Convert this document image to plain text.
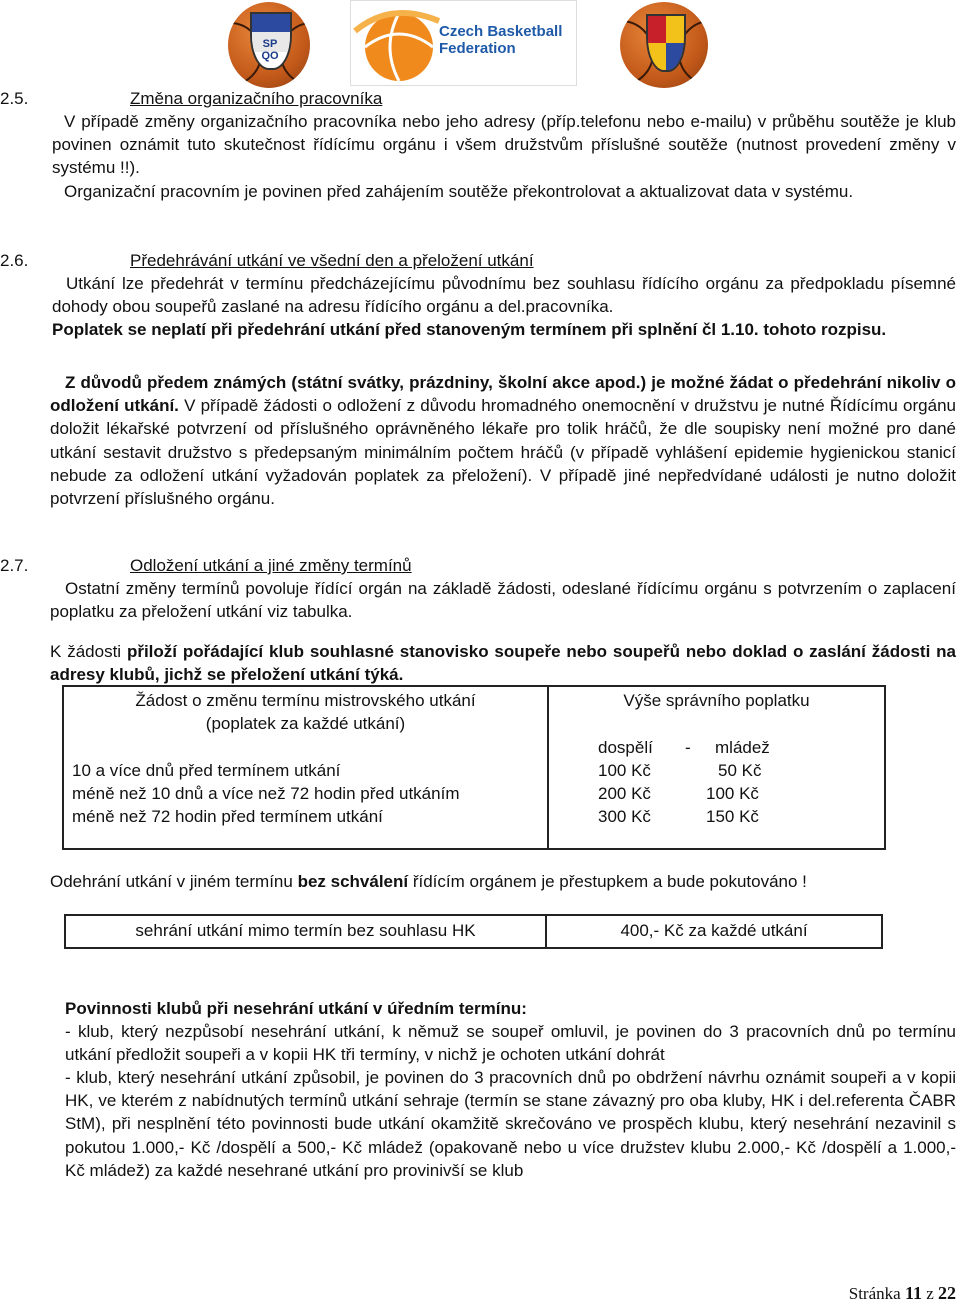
SP
QO
Czech Basketball
Federation
2.5.	Změna organizačního pracovníka
V případě změny organizačního pracovníka nebo jeho adresy (příp.telefonu nebo e-mailu) v průběhu soutěže je klub povinen oznámit tuto skutečnost řídícímu orgánu i všem družstvům příslušné soutěže (nutnost provedení změny v systému !!).
Organizační pracovním je povinen před zahájením soutěže překontrolovat a aktualizovat data v systému.
2.6.	Předehrávání utkání ve všední den a přeložení utkání
Utkání lze předehrát v termínu předcházejícímu původnímu bez souhlasu řídícího orgánu za předpokladu písemné dohody obou soupeřů zaslané na adresu řídícího orgánu a del.pracovníka.
Poplatek se neplatí při předehrání utkání před stanoveným termínem při splnění čl 1.10. tohoto rozpisu.
Z důvodů předem známých (státní svátky, prázdniny, školní akce apod.) je možné žádat o předehrání nikoliv o odložení utkání. V případě žádosti o odložení z důvodu hromadného onemocnění v družstvu je nutné Řídícímu orgánu doložit lékařské potvrzení od příslušného oprávněného lékaře pro tolik hráčů, že dle soupisky není možné pro dané utkání sestavit družstvo s předepsaným minimálním počtem hráčů (v případě vyhlášení epidemie hygienickou stanicí nebude za odložení utkání vyžadován poplatek za přeložení). V případě jiné nepředvídané události je nutno doložit potvrzení příslušného orgánu.
2.7.	Odložení utkání a jiné změny termínů
Ostatní změny termínů povoluje řídící orgán na základě žádosti, odeslané řídícímu orgánu s potvrzením o zaplacení poplatku za přeložení utkání viz tabulka.
K žádosti přiloží pořádající klub souhlasné stanovisko soupeře nebo soupeřů nebo doklad o zaslání žádosti na adresy klubů, jichž se přeložení utkání týká.
Žádost o změnu termínu mistrovského utkání
(poplatek za každé utkání)
Výše správního poplatku
dospělí - mládež
10 a více dnů před termínem utkání	100 Kč	50 Kč
méně než 10 dnů a více než 72 hodin před utkáním	200 Kč	100 Kč
méně než 72 hodin před termínem utkání	300 Kč	150 Kč
Odehrání utkání v jiném termínu bez schválení řídícím orgánem je přestupkem a bude pokutováno !
sehrání utkání mimo termín bez souhlasu HK	400,- Kč za každé utkání
Povinnosti klubů při nesehrání utkání v úředním termínu:
- klub, který nezpůsobí nesehrání utkání, k němuž se soupeř omluvil, je povinen do 3 pracovních dnů po termínu utkání předložit soupeři a v kopii HK tři termíny, v nichž je ochoten utkání dohrát
- klub, který nesehrání utkání způsobil, je povinen do 3 pracovních dnů po obdržení návrhu oznámit soupeři a v kopii HK, ve kterém z nabídnutých termínů utkání sehraje (termín se stane závazný pro oba kluby, HK i del.referenta ČABR StM), při nesplnění této povinnosti bude utkání okamžitě skrečováno ve prospěch klubu, který nesehrání nezavinil s pokutou 1.000,- Kč /dospělí a 500,- Kč mládež (opakovaně nebo u více družstev klubu 2.000,- Kč /dospělí a 1.000,- Kč mládež) za každé nesehrané utkání pro provinivší se klub
Stránka 11 z 22
